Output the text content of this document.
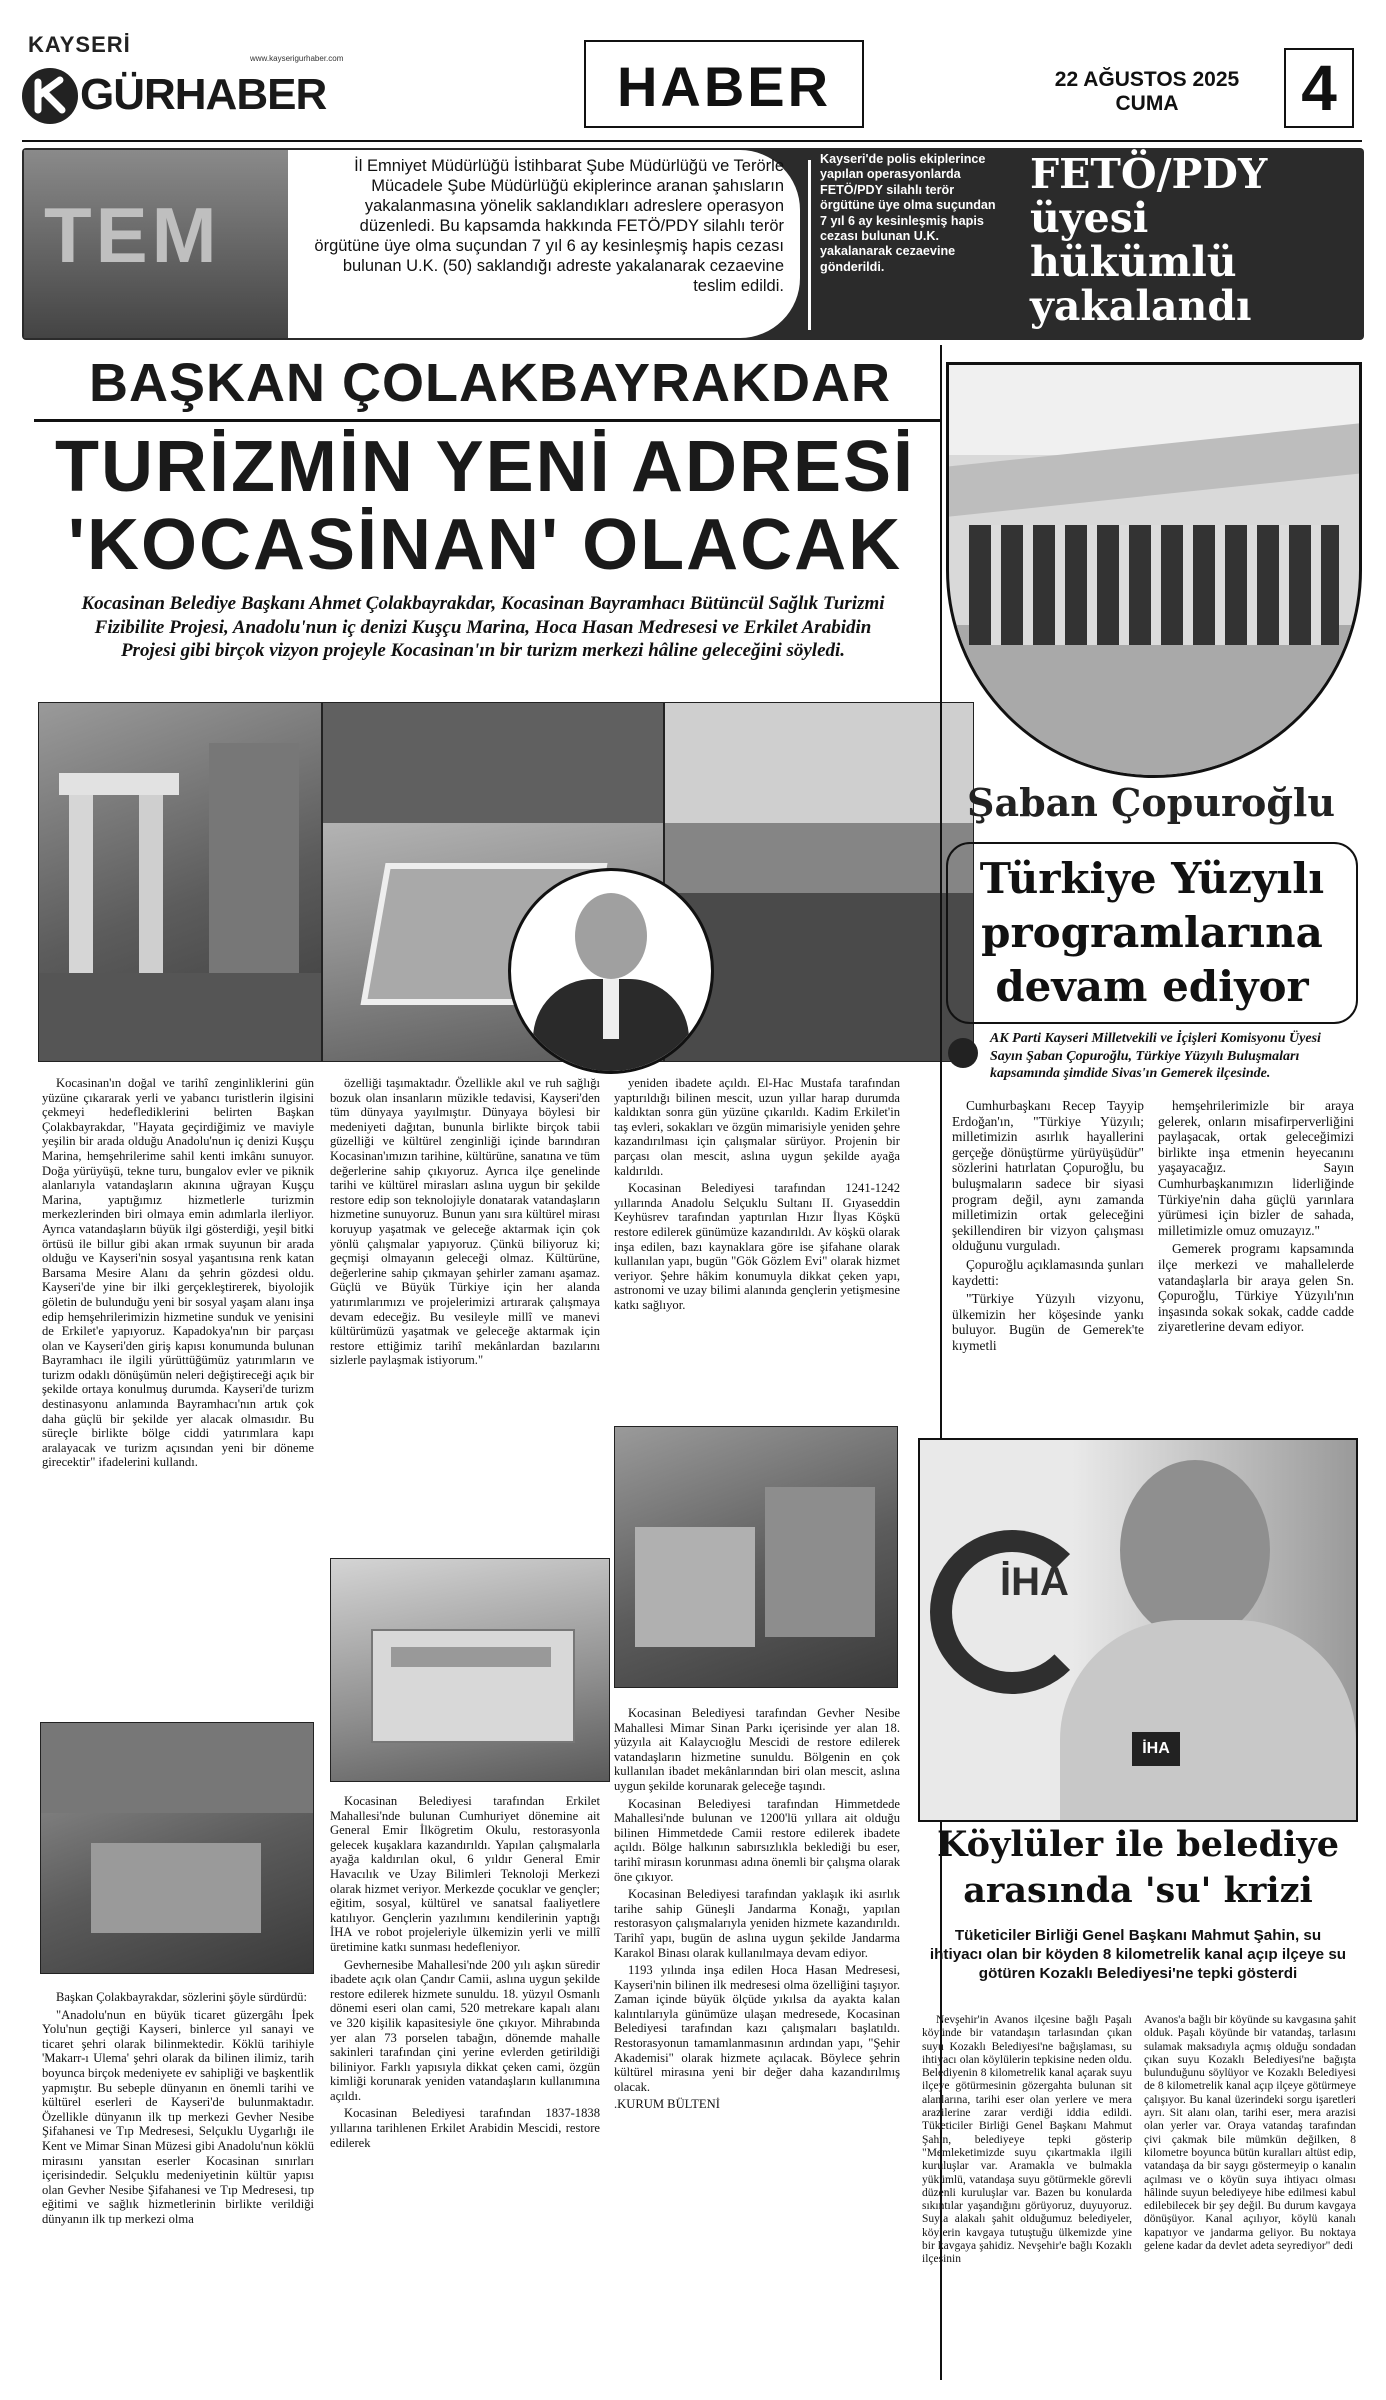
KAYSERİ
www.kayserigurhaber.com
GÜRHABER	HABER	22 AĞUSTOS 2025
CUMA	4
TEM
İl Emniyet Müdürlüğü İstihbarat Şube Müdürlüğü ve Terörle Mücadele Şube Müdürlüğü ekiplerince aranan şahısların yakalanmasına yönelik saklandıkları adreslere operasyon düzenledi. Bu kapsamda hakkında FETÖ/PDY silahlı terör örgütüne üye olma suçundan 7 yıl 6 ay kesinleşmiş hapis cezası bulunan U.K. (50) saklandığı adreste yakalanarak cezaevine teslim edildi.
Kayseri'de polis ekiplerince yapılan operasyonlarda FETÖ/PDY silahlı terör örgütüne üye olma suçundan 7 yıl 6 ay kesinleşmiş hapis cezası bulunan U.K. yakalanarak cezaevine gönderildi.
FETÖ/PDY
üyesi
hükümlü
yakalandı
BAŞKAN ÇOLAKBAYRAKDAR
TURİZMİN YENİ ADRESİ
'KOCASİNAN' OLACAK
Kocasinan Belediye Başkanı Ahmet Çolakbayrakdar, Kocasinan Bayramhacı Bütüncül Sağlık Turizmi Fizibilite Projesi, Anadolu'nun iç denizi Kuşçu Marina, Hoca Hasan Medresesi ve Erkilet Arabidin Projesi gibi birçok vizyon projeyle Kocasinan'ın bir turizm merkezi hâline geleceğini söyledi.

Kocasinan'ın doğal ve tarihî zenginliklerini gün yüzüne çıkararak yerli ve yabancı turistlerin ilgisini çekmeyi hedeflediklerini belirten Başkan Çolakbayrakdar, "Hayata geçirdiğimiz ve maviyle yeşilin bir arada olduğu Anadolu'nun iç denizi Kuşçu Marina, hemşehrilerime sahil kenti imkânı sunuyor. Doğa yürüyüşü, tekne turu, bungalov evler ve piknik alanlarıyla vatandaşların akınına uğrayan Kuşçu Marina, yaptığımız hizmetlerle turizmin merkezlerinden biri olmaya emin adımlarla ilerliyor. Ayrıca vatandaşların büyük ilgi gösterdiği, yeşil bitki örtüsü ile billur gibi akan ırmak suyunun bir arada olduğu ve Kayseri'nin sosyal yaşantısına renk katan Barsama Mesire Alanı da şehrin gözdesi oldu. Kayseri'de yine bir ilki gerçekleştirerek, biyolojik göletin de bulunduğu yeni bir sosyal yaşam alanı inşa edip hemşehrilerimizin hizmetine sunduk ve yenisini de Erkilet'e yapıyoruz. Kapadokya'nın bir parçası olan ve Kayseri'den giriş kapısı konumunda bulunan Bayramhacı ile ilgili yürüttüğümüz yatırımların ve turizm odaklı dönüşümün neleri değiştireceği açık bir şekilde ortaya konulmuş durumda. Kayseri'de turizm destinasyonu anlamında Bayramhacı'nın artık çok daha güçlü bir şekilde yer alacak olmasıdır. Bu süreçle birlikte bölge ciddi yatırımlara kapı aralayacak ve turizm açısından yeni bir döneme girecektir" ifadelerini kullandı.

Başkan Çolakbayrakdar, sözlerini şöyle sürdürdü:

"Anadolu'nun en büyük ticaret güzergâhı İpek Yolu'nun geçtiği Kayseri, binlerce yıl sanayi ve ticaret şehri olarak bilinmektedir. Köklü tarihiyle 'Makarr-ı Ulema' şehri olarak da bilinen ilimiz, tarih boyunca birçok medeniyete ev sahipliği ve başkentlik yapmıştır. Bu sebeple dünyanın en önemli tarihi ve kültürel eserleri de Kayseri'de bulunmaktadır. Özellikle dünyanın ilk tıp merkezi Gevher Nesibe Şifahanesi ve Tıp Medresesi, Selçuklu Uygarlığı ile Kent ve Mimar Sinan Müzesi gibi Anadolu'nun köklü mirasını yansıtan eserler Kocasinan sınırları içerisindedir. Selçuklu medeniyetinin kültür yapısı olan Gevher Nesibe Şifahanesi ve Tıp Medresesi, tıp eğitimi ve sağlık hizmetlerinin birlikte verildiği dünyanın ilk tıp merkezi olma

özelliği taşımaktadır. Özellikle akıl ve ruh sağlığı bozuk olan insanların müzikle tedavisi, Kayseri'den tüm dünyaya yayılmıştır. Dünyaya böylesi bir medeniyeti dağıtan, bununla birlikte birçok tabii güzelliği ve kültürel zenginliği içinde barındıran Kocasinan'ımızın tarihine, kültürüne, sanatına ve tüm değerlerine sahip çıkıyoruz. Ayrıca ilçe genelinde tarihi ve kültürel mirasları aslına uygun bir şekilde restore edip son teknolojiyle donatarak vatandaşların hizmetine sunuyoruz. Bunun yanı sıra kültürel mirası koruyup yaşatmak ve geleceğe aktarmak için çok yönlü çalışmalar yapıyoruz. Çünkü biliyoruz ki; geçmişi olmayanın geleceği olmaz. Kültürüne, değerlerine sahip çıkmayan şehirler zamanı aşamaz. Güçlü ve Büyük Türkiye için her alanda yatırımlarımızı ve projelerimizi artırarak çalışmaya devam edeceğiz. Bu vesileyle millî ve manevi kültürümüzü yaşatmak ve geleceğe aktarmak için restore ettiğimiz tarihî mekânlardan bazılarını sizlerle paylaşmak istiyorum."

Kocasinan Belediyesi tarafından Erkilet Mahallesi'nde bulunan Cumhuriyet dönemine ait General Emir İlkögretim Okulu, restorasyonla gelecek kuşaklara kazandırıldı. Yapılan çalışmalarla ayağa kaldırılan okul, 6 yıldır General Emir Havacılık ve Uzay Bilimleri Teknoloji Merkezi olarak hizmet veriyor. Merkezde çocuklar ve gençler; eğitim, sosyal, kültürel ve sanatsal faaliyetlere katılıyor. Gençlerin yazılımını kendilerinin yaptığı İHA ve robot projeleriyle ülkemizin yerli ve millî üretimine katkı sunması hedefleniyor.

Gevhernesibe Mahallesi'nde 200 yılı aşkın süredir ibadete açık olan Çandır Camii, aslına uygun şekilde restore edilerek hizmete sunuldu. 18. yüzyıl Osmanlı dönemi eseri olan cami, 520 metrekare kapalı alanı ve 320 kişilik kapasitesiyle öne çıkıyor. Mihrabında yer alan 73 porselen tabağın, dönemde mahalle sakinleri tarafından çini yerine evlerden getirildiği biliniyor. Farklı yapısıyla dikkat çeken cami, özgün kimliği korunarak yeniden vatandaşların kullanımına açıldı.

Kocasinan Belediyesi tarafından 1837-1838 yıllarına tarihlenen Erkilet Arabidin Mescidi, restore edilerek

yeniden ibadete açıldı. El-Hac Mustafa tarafından yaptırıldığı bilinen mescit, uzun yıllar harap durumda kaldıktan sonra gün yüzüne çıkarıldı. Kadim Erkilet'in taş evleri, sokakları ve özgün mimarisiyle yeniden şehre kazandırılması için çalışmalar sürüyor. Projenin bir parçası olan mescit, aslına uygun şekilde ayağa kaldırıldı.

Kocasinan Belediyesi tarafından 1241-1242 yıllarında Anadolu Selçuklu Sultanı II. Gıyaseddin Keyhüsrev tarafından yaptırılan Hızır İlyas Köşkü restore edilerek günümüze kazandırıldı. Av köşkü olarak inşa edilen, bazı kaynaklara göre ise şifahane olarak kullanılan yapı, bugün "Gök Gözlem Evi" olarak hizmet veriyor. Şehre hâkim konumuyla dikkat çeken yapı, astronomi ve uzay bilimi alanında gençlerin yetişmesine katkı sağlıyor.

Kocasinan Belediyesi tarafından Gevher Nesibe Mahallesi Mimar Sinan Parkı içerisinde yer alan 18. yüzyıla ait Kalaycıoğlu Mescidi de restore edilerek vatandaşların hizmetine sunuldu. Bölgenin en çok kullanılan ibadet mekânlarından biri olan mescit, aslına uygun şekilde korunarak geleceğe taşındı.

Kocasinan Belediyesi tarafından Himmetdede Mahallesi'nde bulunan ve 1200'lü yıllara ait olduğu bilinen Himmetdede Camii restore edilerek ibadete açıldı. Bölge halkının sabırsızlıkla beklediği bu eser, tarihî mirasın korunması adına önemli bir çalışma olarak öne çıkıyor.

Kocasinan Belediyesi tarafından yaklaşık iki asırlık tarihe sahip Güneşli Jandarma Konağı, yapılan restorasyon çalışmalarıyla yeniden hizmete kazandırıldı. Tarihî yapı, bugün de aslına uygun şekilde Jandarma Karakol Binası olarak kullanılmaya devam ediyor.

1193 yılında inşa edilen Hoca Hasan Medresesi, Kayseri'nin bilinen ilk medresesi olma özelliğini taşıyor. Zaman içinde büyük ölçüde yıkılsa da ayakta kalan kalıntılarıyla günümüze ulaşan medresede, Kocasinan Belediyesi tarafından kazı çalışmaları başlatıldı. Restorasyonun tamamlanmasının ardından yapı, "Şehir Akademisi" olarak hizmete açılacak. Böylece şehrin kültürel mirasına yeni bir değer daha kazandırılmış olacak.

.KURUM BÜLTENİ

Şaban Çopuroğlu
Türkiye Yüzyılı
programlarına
devam ediyor
AK Parti Kayseri Milletvekili ve İçişleri Komisyonu Üyesi Sayın Şaban Çopuroğlu, Türkiye Yüzyılı Buluşmaları kapsamında şimdide Sivas'ın Gemerek ilçesinde.

Cumhurbaşkanı Recep Tayyip Erdoğan'ın, "Türkiye Yüzyılı; milletimizin asırlık hayallerini gerçeğe dönüştürme yürüyüşüdür" sözlerini hatırlatan Çopuroğlu, bu buluşmaların sadece bir siyasi program değil, aynı zamanda milletimizin ortak geleceğini şekillendiren bir vizyon çalışması olduğunu vurguladı.

Çopuroğlu açıklamasında şunları kaydetti:

"Türkiye Yüzyılı vizyonu, ülkemizin her köşesinde yankı buluyor. Bugün de Gemerek'te kıymetli

hemşehrilerimizle bir araya gelerek, onların misafirperverliğini paylaşacak, ortak geleceğimizi birlikte inşa etmenin heyecanını yaşayacağız. Sayın Cumhurbaşkanımızın liderliğinde Türkiye'nin daha güçlü yarınlara yürümesi için bizler de sahada, milletimizle omuz omuzayız."

Gemerek programı kapsamında ilçe merkezi ve mahallelerde vatandaşlarla bir araya gelen Sn. Çopuroğlu, Türkiye Yüzyılı'nın inşasında sokak sokak, cadde cadde ziyaretlerine devam ediyor.

İHA
İHA
Köylüler ile belediye
arasında 'su' krizi
Tüketiciler Birliği Genel Başkanı Mahmut Şahin, su ihtiyacı olan bir köyden 8 kilometrelik kanal açıp ilçeye su götüren Kozaklı Belediyesi'ne tepki gösterdi

Nevşehir'in Avanos ilçesine bağlı Paşalı köyünde bir vatandaşın tarlasından çıkan suyu Kozaklı Belediyesi'ne bağışlaması, su ihtiyacı olan köylülerin tepkisine neden oldu. Belediyenin 8 kilometrelik kanal açarak suyu ilçeye götürmesinin gözergahta bulunan sit alanlarına, tarihi eser olan yerlere ve mera arazilerine zarar verdiği iddia edildi. Tüketiciler Birliği Genel Başkanı Mahmut Şahin, belediyeye tepki gösterip "Memleketimizde suyu çıkartmakla ilgili kuruluşlar var. Aramakla ve bulmakla yükümlü, vatandaşa suyu götürmekle görevli düzenli kuruluşlar var. Bazen bu konularda sıkıntılar yaşandığını görüyoruz, duyuyoruz. Suyla alakalı şahit olduğumuz belediyeler, köylerin kavgaya tutuştuğu ülkemizde yine bir kavgaya şahidiz. Nevşehir'e bağlı Kozaklı ilçesinin

Avanos'a bağlı bir köyünde su kavgasına şahit olduk. Paşalı köyünde bir vatandaş, tarlasını sulamak maksadıyla açmış olduğu sondadan çıkan suyu Kozaklı Belediyesi'ne bağışta bulunduğunu söylüyor ve Kozaklı Belediyesi de 8 kilometrelik kanal açıp ilçeye götürmeye çalışıyor. Bu kanal üzerindeki sorgu işaretleri ayrı. Sit alanı olan, tarihi eser, mera arazisi olan yerler var. Oraya vatandaş tarafından çivi çakmak bile mümkün değilken, 8 kilometre boyunca bütün kuralları altüst edip, vatandaşa da bir saygı göstermeyip o kanalın açılması ve o köyün suya ihtiyacı olması hâlinde suyun belediyeye hibe edilmesi kabul edilebilecek bir şey değil. Bu durum kavgaya dönüşüyor. Kanal açılıyor, köylü kanalı kapatıyor ve jandarma geliyor. Bu noktaya gelene kadar da devlet adeta seyrediyor" dedi
